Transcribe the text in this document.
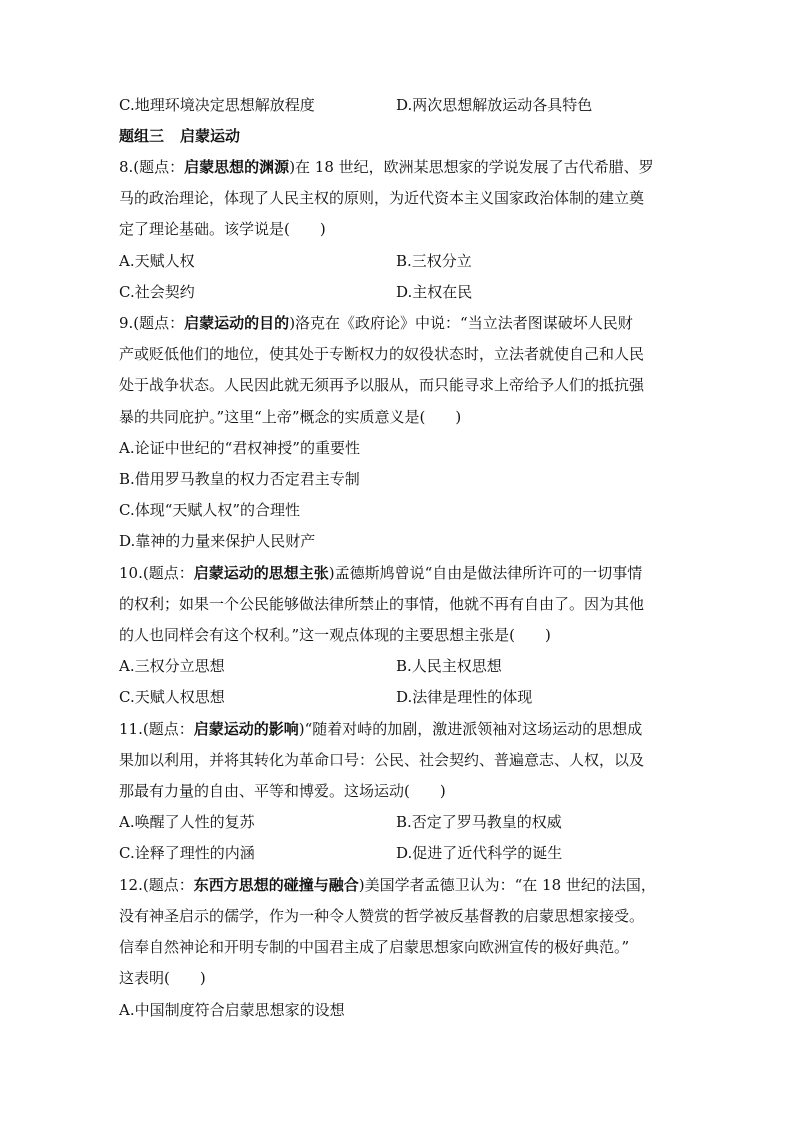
C.地理环境决定思想解放程度	D.两次思想解放运动各具特色
题组三 启蒙运动
8.(题点：启蒙思想的渊源)在 18 世纪，欧洲某思想家的学说发展了古代希腊、罗
马的政治理论，体现了人民主权的原则，为近代资本主义国家政治体制的建立奠
定了理论基础。该学说是( )
A.天赋人权	B.三权分立
C.社会契约	D.主权在民
9.(题点：启蒙运动的目的)洛克在《政府论》中说：“当立法者图谋破坏人民财
产或贬低他们的地位，使其处于专断权力的奴役状态时，立法者就使自己和人民
处于战争状态。人民因此就无须再予以服从，而只能寻求上帝给予人们的抵抗强
暴的共同庇护。”这里“上帝”概念的实质意义是( )
A.论证中世纪的“君权神授”的重要性
B.借用罗马教皇的权力否定君主专制
C.体现“天赋人权”的合理性
D.靠神的力量来保护人民财产
10.(题点：启蒙运动的思想主张)孟德斯鸠曾说“自由是做法律所许可的一切事情
的权利；如果一个公民能够做法律所禁止的事情，他就不再有自由了。因为其他
的人也同样会有这个权利。”这一观点体现的主要思想主张是( )
A.三权分立思想	B.人民主权思想
C.天赋人权思想	D.法律是理性的体现
11.(题点：启蒙运动的影响)“随着对峙的加剧，激进派领袖对这场运动的思想成
果加以利用，并将其转化为革命口号：公民、社会契约、普遍意志、人权，以及
那最有力量的自由、平等和博爱。这场运动( )
A.唤醒了人性的复苏	B.否定了罗马教皇的权威
C.诠释了理性的内涵	D.促进了近代科学的诞生
12.(题点：东西方思想的碰撞与融合)美国学者孟德卫认为：“在 18 世纪的法国，
没有神圣启示的儒学，作为一种令人赞赏的哲学被反基督教的启蒙思想家接受。
信奉自然神论和开明专制的中国君主成了启蒙思想家向欧洲宣传的极好典范。”
这表明( )
A.中国制度符合启蒙思想家的设想
